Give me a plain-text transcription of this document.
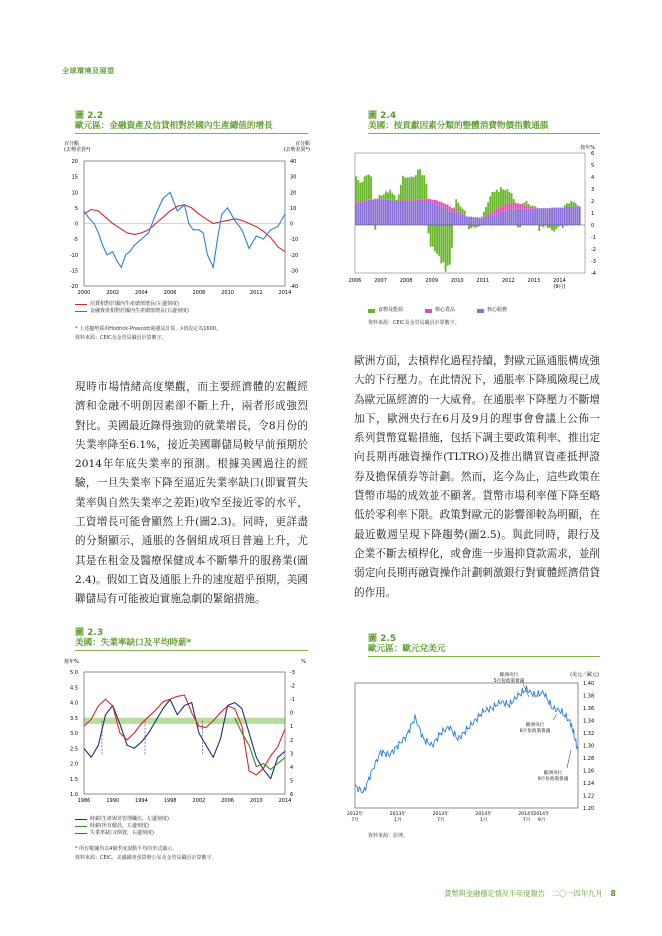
全球環境及展望
圖 2.2
歐元區：金融資產及信貸相對於國內生產總值的增長
百分點
(去勢差異*)
百分點
(去勢差異*)
20
15
10
5
0
-5
-10
-15
-20
40
30
20
10
0
-10
-20
-30
-40
2000	2002	2004	2006	2008	2010	2012	2014
信貸相對於國內生產總值增長(左邊刻度)
金融資產相對於國內生產總值增長(右邊刻度)
* 上述趨勢採用Hodrick-Prescott過濾法計算，λ值設定為1600。
資料來源：CEIC及金管局職員計算數字。
圖 2.4
美國：按貢獻因素分類的整體消費物價指數通脹
按年%
6
5
4
3
2
1
0
-1
-2
-3
-4
2006	2007	2008	2009	2010	2011	2012	2013	2014
(9月)
食物及能源	核心貨品	核心服務
資料來源：CEIC及金管局職員計算數字。

現時市場情緒高度樂觀，而主要經濟體的宏觀經濟和金融不明朗因素卻不斷上升，兩者形成強烈對比。美國最近錄得強勁的就業增長，令8月份的失業率降至6.1%，接近美國聯儲局較早前預期於2014年年底失業率的預測。根據美國過往的經驗，一旦失業率下降至逼近失業率缺口(即實質失業率與自然失業率之差距)收窄至接近零的水平，工資增長可能會顯然上升(圖2.3)。同時，更詳盡的分類顯示，通脹的各個組成項目普遍上升，尤其是在租金及醫療保健成本不斷攀升的服務業(圖2.4)。假如工資及通脹上升的速度超乎預期，美國聯儲局有可能被迫實施急劇的緊縮措施。

歐洲方面，去槓桿化過程持續，對歐元區通脹構成強大的下行壓力。在此情況下，通脹率下降風險現已成為歐元區經濟的一大威脅。在通脹率下降壓力不斷增加下，歐洲央行在6月及9月的理事會會議上公佈一系列貨幣寬鬆措施，包括下調主要政策利率、推出定向長期再融資操作(TLTRO)及推出購買資產抵押證券及擔保債券等計劃。然而，迄今為止，這些政策在貨幣市場的成效並不顯著。貨幣市場利率僅下降至略低於零利率下限。政策對歐元的影響卻較為明顯，在最近數週呈現下降趨勢(圖2.5)。與此同時，銀行及企業不斷去槓桿化，或會進一步遏抑貸款需求，並削弱定向長期再融資操作計劃刺激銀行對實體經濟借貸的作用。

圖 2.3
美國：失業率缺口及平均時薪*
按年%	%
5.0
4.5
4.0
3.5
3.0
2.5
2.0
1.5
1.0
-3
-2
-1
0
1
2
3
4
5
6
1986	1990	1994	1998	2002	2006	2010	2014
時薪(生產與非管理職位，左邊刻度)
時薪(所有僱員，左邊刻度)
失業率缺口(倒置，右邊刻度)
* 所有數據均以4個季度滾動平均的形式顯示。
資料來源：CEIC、美國國會預算辦公室及金管局職員計算數字。
圖 2.5
歐元區：歐元兌美元
(美元／歐元)
歐洲央行
5月份政策會議
歐洲央行
6月份政策會議
歐洲央行
9月份政策會議
1.40
1.38
1.36
1.34
1.32
1.30
1.28
1.26
1.24
1.22
1.20
2012年
7月
2013年
1月
2013年
7月
2014年
1月
2014年
7月
2014年
9月
資料來源：彭博。
貨幣與金融穩定情況半年度報告　二〇一四年九月 8
